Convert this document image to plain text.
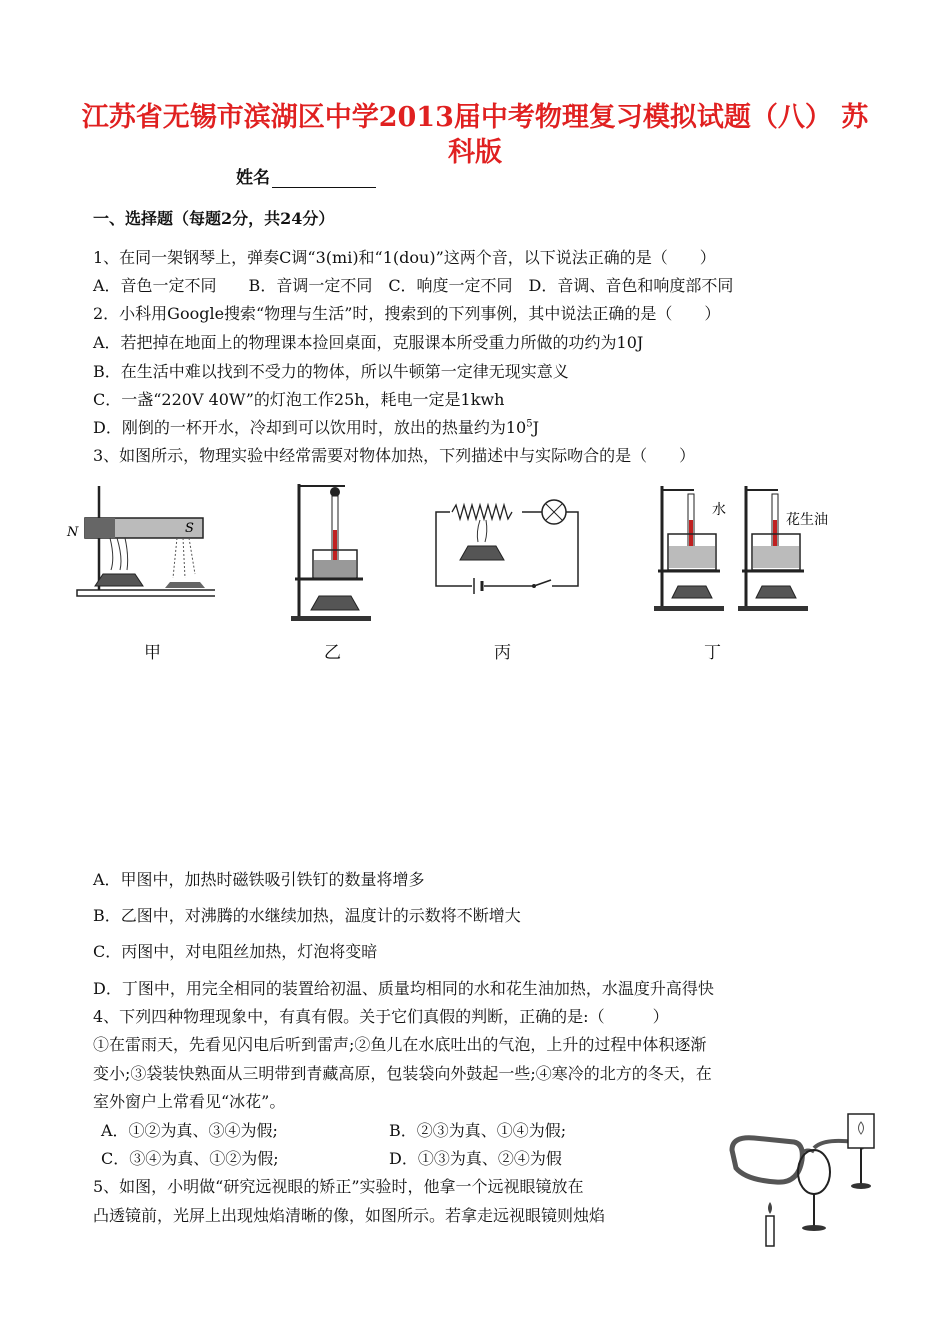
江苏省无锡市滨湖区中学2013届中考物理复习模拟试题（八） 苏科版
姓名
一、选择题（每题2分，共24分）
1、在同一架钢琴上，弹奏C调“3(mi)和“1(dou)”这两个音，以下说法正确的是（　　）
A．音色一定不同　　B．音调一定不同　C．响度一定不同　D．音调、音色和响度部不同
2．小科用Google搜索“物理与生活”时，搜索到的下列事例，其中说法正确的是（　　）
A．若把掉在地面上的物理课本捡回桌面，克服课本所受重力所做的功约为10J
B．在生活中难以找到不受力的物体，所以牛顿第一定律无现实意义
C．一盏“220V 40W”的灯泡工作25h，耗电一定是1kwh
D．刚倒的一杯开水，冷却到可以饮用时，放出的热量约为$10^5J$
3、如图所示，物理实验中经常需要对物体加热，下列描述中与实际吻合的是（　　）
N	S
水
花生油
甲	乙	丙	丁
A．甲图中，加热时磁铁吸引铁钉的数量将增多
B．乙图中，对沸腾的水继续加热，温度计的示数将不断增大
C．丙图中，对电阻丝加热，灯泡将变暗
D．丁图中，用完全相同的装置给初温、质量均相同的水和花生油加热，水温度升高得快
4、下列四种物理现象中，有真有假。关于它们真假的判断，正确的是:（　　　）
①在雷雨天，先看见闪电后听到雷声;②鱼儿在水底吐出的气泡，上升的过程中体积逐渐
变小;③袋装快熟面从三明带到青藏高原，包装袋向外鼓起一些;④寒冷的北方的冬天，在
室外窗户上常看见“冰花”。
A．①②为真、③④为假;	B．②③为真、①④为假;
C．③④为真、①②为假;	D．①③为真、②④为假
5、如图，小明做“研究远视眼的矫正”实验时，他拿一个远视眼镜放在
凸透镜前，光屏上出现烛焰清晰的像，如图所示。若拿走远视眼镜则烛焰
